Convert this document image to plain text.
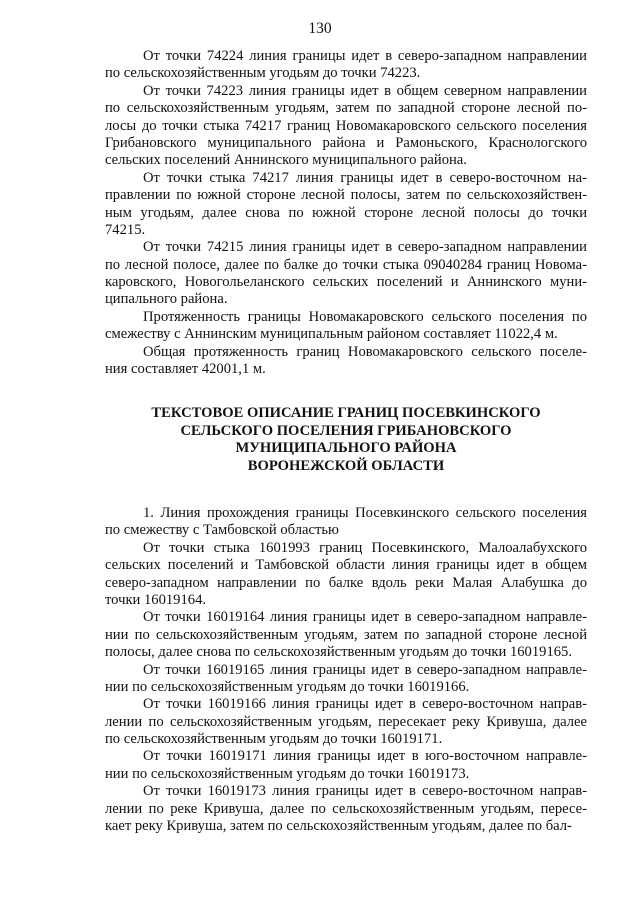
130
От точки 74224 линия границы идет в северо-западном направлении
по сельскохозяйственным угодьям до точки 74223.
От точки 74223 линия границы идет в общем северном направлении
по сельскохозяйственным угодьям, затем по западной стороне лесной по-
лосы до точки стыка 74217 границ Новомакаровского сельского поселения
Грибановского муниципального района и Рамоньского, Краснологского
сельских поселений Аннинского муниципального района.
От точки стыка 74217 линия границы идет в северо-восточном на-
правлении по южной стороне лесной полосы, затем по сельскохозяйствен-
ным угодьям, далее снова по южной стороне лесной полосы до точки
74215.
От точки 74215 линия границы идет в северо-западном направлении
по лесной полосе, далее по балке до точки стыка 09040284 границ Новома-
каровского, Новогольеланского сельских поселений и Аннинского муни-
ципального района.
Протяженность границы Новомакаровского сельского поселения по
смежеству с Аннинским муниципальным районом составляет 11022,4 м.
Общая протяженность границ Новомакаровского сельского поселе-
ния составляет 42001,1 м.
ТЕКСТОВОЕ ОПИСАНИЕ ГРАНИЦ ПОСЕВКИНСКОГО
СЕЛЬСКОГО ПОСЕЛЕНИЯ ГРИБАНОВСКОГО
МУНИЦИПАЛЬНОГО РАЙОНА
ВОРОНЕЖСКОЙ ОБЛАСТИ
1. Линия прохождения границы Посевкинского сельского поселения
по смежеству с Тамбовской областью
От точки стыка 1601993 границ Посевкинского, Малоалабухского
сельских поселений и Тамбовской области линия границы идет в общем
северо-западном направлении по балке вдоль реки Малая Алабушка до
точки 16019164.
От точки 16019164 линия границы идет в северо-западном направле-
нии по сельскохозяйственным угодьям, затем по западной стороне лесной
полосы, далее снова по сельскохозяйственным угодьям до точки 16019165.
От точки 16019165 линия границы идет в северо-западном направле-
нии по сельскохозяйственным угодьям до точки 16019166.
От точки 16019166 линия границы идет в северо-восточном направ-
лении по сельскохозяйственным угодьям, пересекает реку Кривуша, далее
по сельскохозяйственным угодьям до точки 16019171.
От точки 16019171 линия границы идет в юго-восточном направле-
нии по сельскохозяйственным угодьям до точки 16019173.
От точки 16019173 линия границы идет в северо-восточном направ-
лении по реке Кривуша, далее по сельскохозяйственным угодьям, пересе-
кает реку Кривуша, затем по сельскохозяйственным угодьям, далее по бал-
